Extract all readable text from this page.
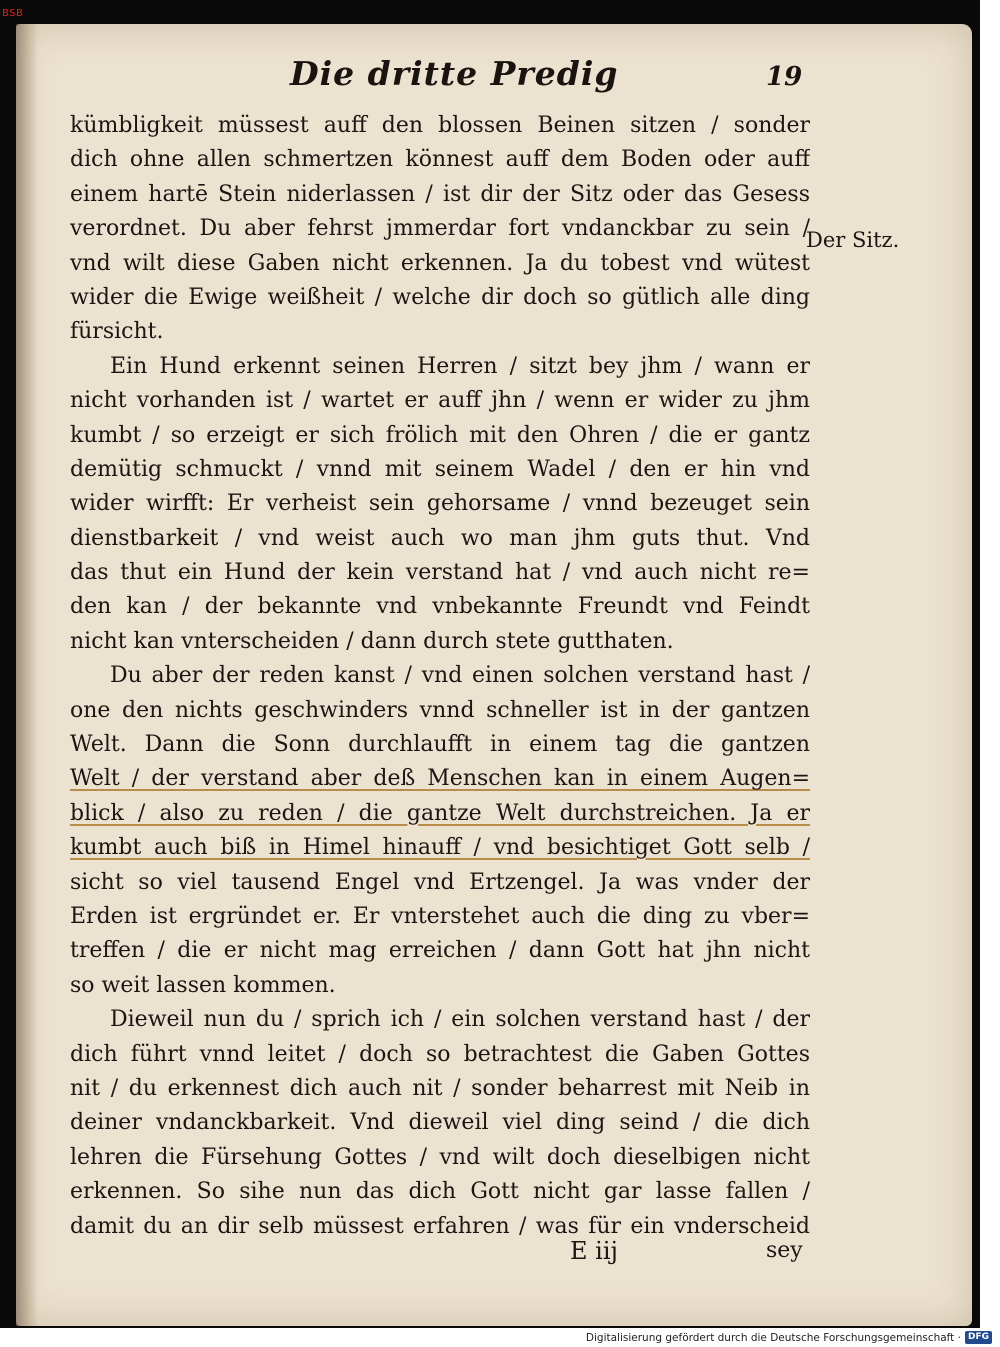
BSB
Die dritte Predig	19
kümbligkeit müssest auff den blossen Beinen sitzen / sonder
dich ohne allen schmertzen könnest auff dem Boden oder auff
einem hartē Stein niderlassen / ist dir der Sitz oder das Gesess
verordnet. Du aber fehrst jmmerdar fort vndanckbar zu sein /
vnd wilt diese Gaben nicht erkennen. Ja du tobest vnd wütest
wider die Ewige weißheit / welche dir doch so gütlich alle ding
fürsicht.
Ein Hund erkennt seinen Herren / sitzt bey jhm / wann er
nicht vorhanden ist / wartet er auff jhn / wenn er wider zu jhm
kumbt / so erzeigt er sich frölich mit den Ohren / die er gantz
demütig schmuckt / vnnd mit seinem Wadel / den er hin vnd
wider wirfft: Er verheist sein gehorsame / vnnd bezeuget sein
dienstbarkeit / vnd weist auch wo man jhm guts thut. Vnd
das thut ein Hund der kein verstand hat / vnd auch nicht re=
den kan / der bekannte vnd vnbekannte Freundt vnd Feindt
nicht kan vnterscheiden / dann durch stete gutthaten.
Du aber der reden kanst / vnd einen solchen verstand hast /
one den nichts geschwinders vnnd schneller ist in der gantzen
Welt. Dann die Sonn durchlaufft in einem tag die gantzen
Welt / der verstand aber deß Menschen kan in einem Augen=
blick / also zu reden / die gantze Welt durchstreichen. Ja er
kumbt auch biß in Himel hinauff / vnd besichtiget Gott selb /
sicht so viel tausend Engel vnd Ertzengel. Ja was vnder der
Erden ist ergründet er. Er vnterstehet auch die ding zu vber=
treffen / die er nicht mag erreichen / dann Gott hat jhn nicht
so weit lassen kommen.
Dieweil nun du / sprich ich / ein solchen verstand hast / der
dich führt vnnd leitet / doch so betrachtest die Gaben Gottes
nit / du erkennest dich auch nit / sonder beharrest mit Neib in
deiner vndanckbarkeit. Vnd dieweil viel ding seind / die dich
lehren die Fürsehung Gottes / vnd wilt doch dieselbigen nicht
erkennen. So sihe nun das dich Gott nicht gar lasse fallen /
damit du an dir selb müssest erfahren / was für ein vnderscheid
Der Sitz.
E iij	sey
Digitalisierung gefördert durch die Deutsche Forschungsgemeinschaft · DFG
